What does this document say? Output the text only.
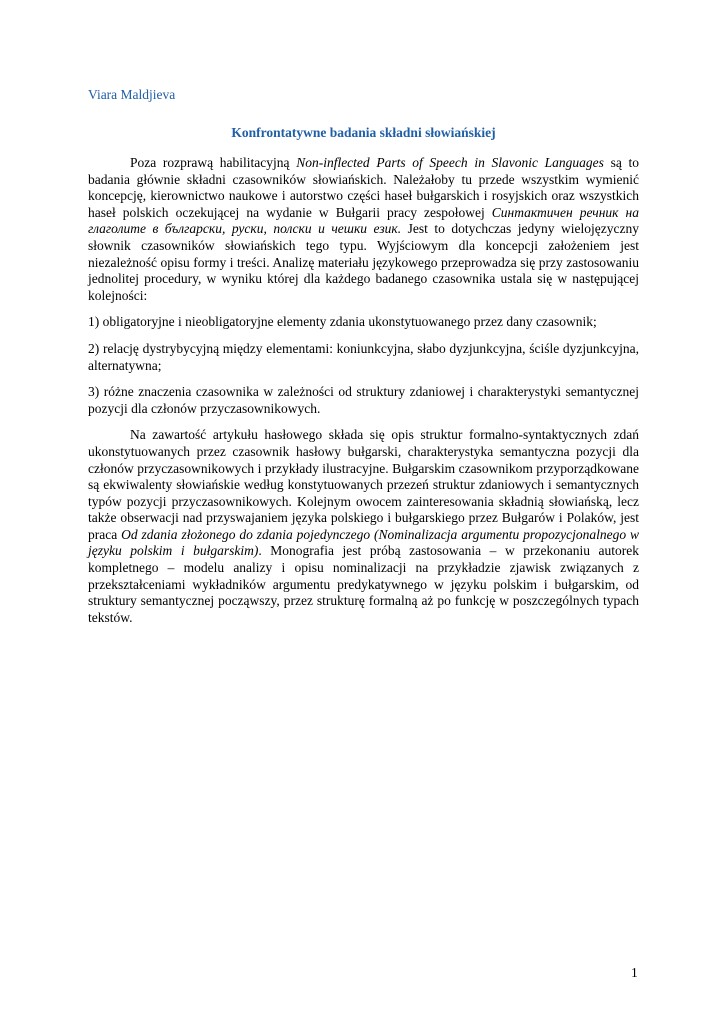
Viara Maldjieva
Konfrontatywne badania składni słowiańskiej

Poza rozprawą habilitacyjną Non-inflected Parts of Speech in Slavonic Languages są to badania głównie składni czasowników słowiańskich. Należałoby tu przede wszystkim wymienić koncepcję, kierownictwo naukowe i autorstwo części haseł bułgarskich i rosyjskich oraz wszystkich haseł polskich oczekującej na wydanie w Bułgarii pracy zespołowej Синтактичен речник на глаголите в български, руски, полски и чешки език. Jest to dotychczas jedyny wielojęzyczny słownik czasowników słowiańskich tego typu. Wyjściowym dla koncepcji założeniem jest niezależność opisu formy i treści. Analizę materiału językowego przeprowadza się przy zastosowaniu jednolitej procedury, w wyniku której dla każdego badanego czasownika ustala się w następującej kolejności:

1) obligatoryjne i nieobligatoryjne elementy zdania ukonstytuowanego przez dany czasownik;

2) relację dystrybycyjną między elementami: koniunkcyjna, słabo dyzjunkcyjna, ściśle dyzjunkcyjna, alternatywna;

3) różne znaczenia czasownika w zależności od struktury zdaniowej i charakterystyki semantycznej pozycji dla członów przyczasownikowych.

Na zawartość artykułu hasłowego składa się opis struktur formalno-syntaktycznych zdań ukonstytuowanych przez czasownik hasłowy bułgarski, charakterystyka semantyczna pozycji dla członów przyczasownikowych i przykłady ilustracyjne. Bułgarskim czasownikom przyporządkowane są ekwiwalenty słowiańskie według konstytuowanych przezeń struktur zdaniowych i semantycznych typów pozycji przyczasownikowych. Kolejnym owocem zainteresowania składnią słowiańską, lecz także obserwacji nad przyswajaniem języka polskiego i bułgarskiego przez Bułgarów i Polaków, jest praca Od zdania złożonego do zdania pojedynczego (Nominalizacja argumentu propozycjonalnego w języku polskim i bułgarskim). Monografia jest próbą zastosowania – w przekonaniu autorek kompletnego – modelu analizy i opisu nominalizacji na przykładzie zjawisk związanych z przekształceniami wykładników argumentu predykatywnego w języku polskim i bułgarskim, od struktury semantycznej począwszy, przez strukturę formalną aż po funkcję w poszczególnych typach tekstów.

1
